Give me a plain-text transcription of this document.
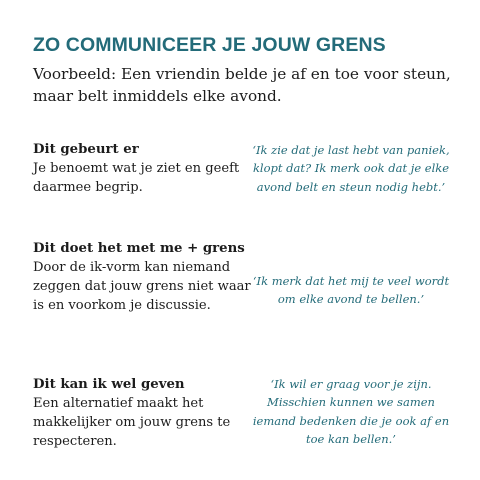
ZO COMMUNICEER JE JOUW GRENS
Voorbeeld: Een vriendin belde je af en toe voor steun, maar belt inmiddels elke avond.
Dit gebeurt er
Je benoemt wat je ziet en geeft daarmee begrip.
‘Ik zie dat je last hebt van paniek, klopt dat? Ik merk ook dat je elke avond belt en steun nodig hebt.’
Dit doet het met me + grens
Door de ik-vorm kan niemand zeggen dat jouw grens niet waar is en voorkom je discussie.
‘Ik merk dat het mij te veel wordt om elke avond te bellen.’
Dit kan ik wel geven
Een alternatief maakt het makkelijker om jouw grens te respecteren.
‘Ik wil er graag voor je zijn. Misschien kunnen we samen iemand bedenken die je ook af en toe kan bellen.’
